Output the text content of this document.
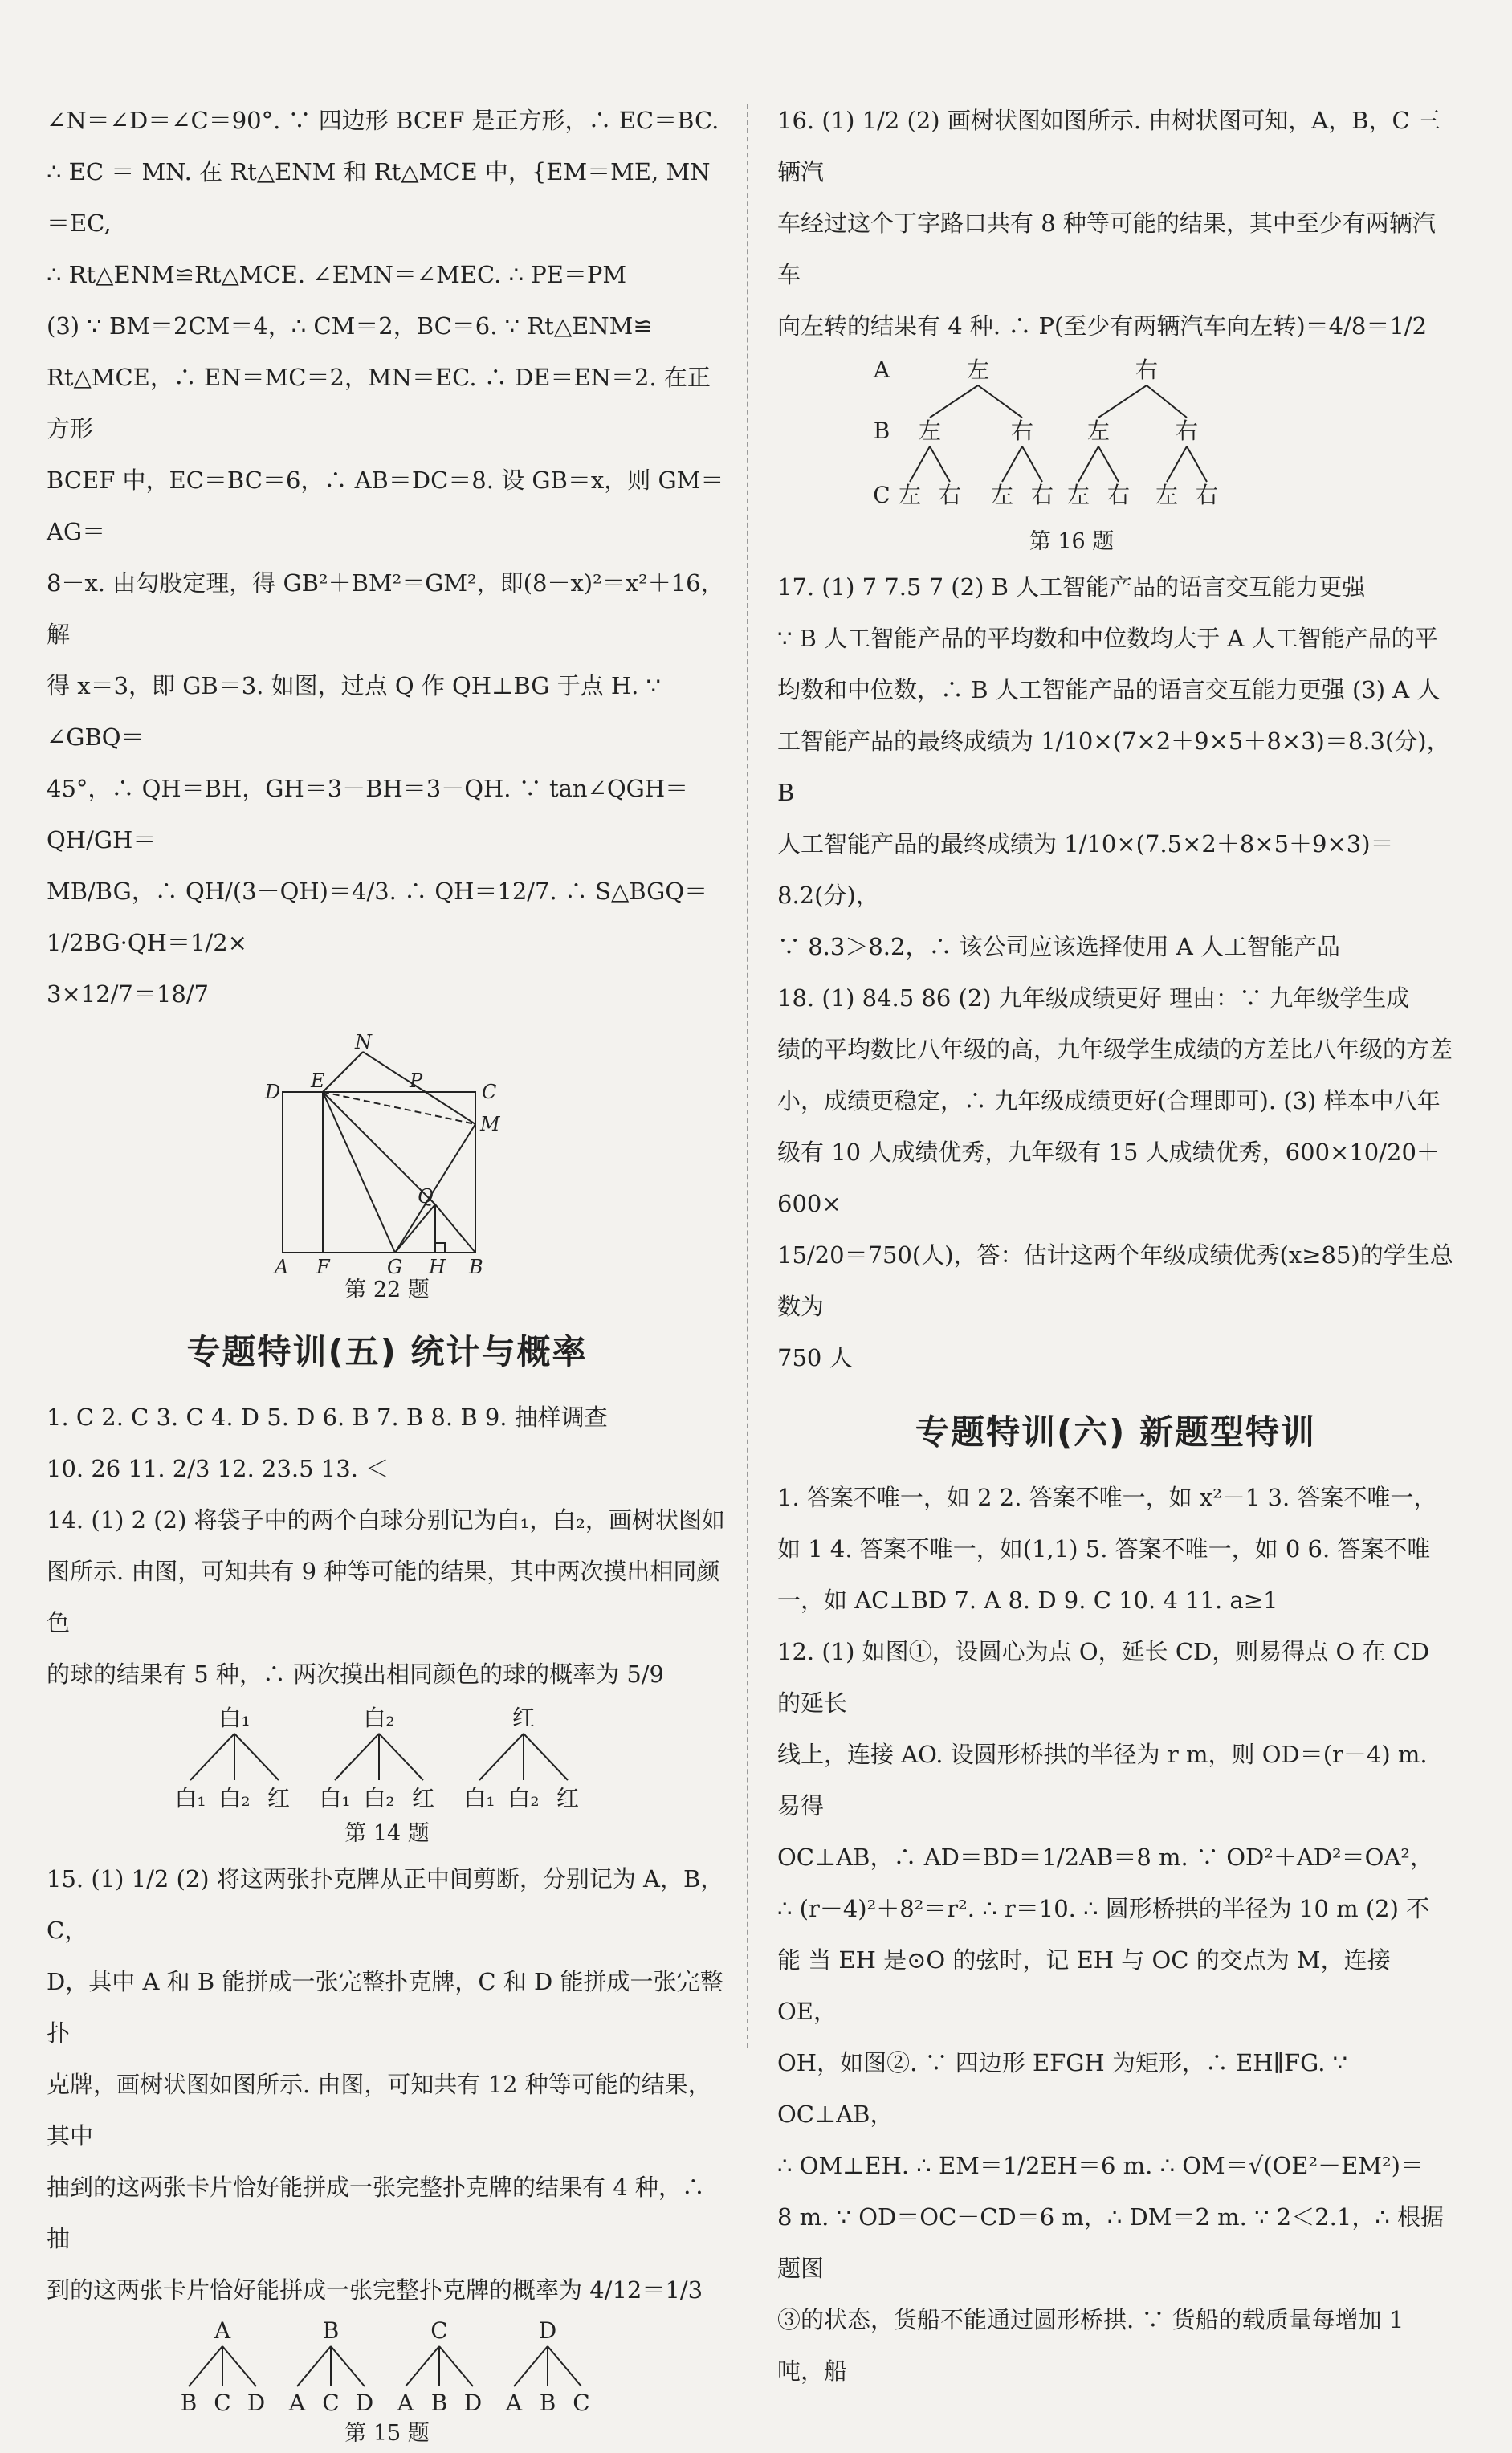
∠N＝∠D＝∠C＝90°. ∵ 四边形 BCEF 是正方形，∴ EC＝BC.

∴ EC ＝ MN. 在 Rt△ENM 和 Rt△MCE 中，{EM＝ME, MN＝EC,

∴ Rt△ENM≌Rt△MCE. ∠EMN＝∠MEC. ∴ PE＝PM

(3) ∵ BM＝2CM＝4，∴ CM＝2，BC＝6. ∵ Rt△ENM≌

Rt△MCE，∴ EN＝MC＝2，MN＝EC. ∴ DE＝EN＝2. 在正方形

BCEF 中，EC＝BC＝6，∴ AB＝DC＝8. 设 GB＝x，则 GM＝AG＝

8－x. 由勾股定理，得 GB²＋BM²＝GM²，即(8－x)²＝x²＋16，解

得 x＝3，即 GB＝3. 如图，过点 Q 作 QH⊥BG 于点 H. ∵ ∠GBQ＝

45°，∴ QH＝BH，GH＝3－BH＝3－QH. ∵ tan∠QGH＝QH/GH＝

MB/BG，∴ QH/(3－QH)＝4/3. ∴ QH＝12/7. ∴ S△BGQ＝1/2BG·QH＝1/2×

3×12/7＝18/7

N
D E	P	C
M
Q
A F	G H B
第 22 题
专题特训(五) 统计与概率

1. C 2. C 3. C 4. D 5. D 6. B 7. B 8. B 9. 抽样调查

10. 26 11. 2/3 12. 23.5 13. ＜

14. (1) 2 (2) 将袋子中的两个白球分别记为白₁，白₂，画树状图如

图所示. 由图，可知共有 9 种等可能的结果，其中两次摸出相同颜色

的球的结果有 5 种，∴ 两次摸出相同颜色的球的概率为 5/9

白₁
白₁ 白₂ 红
白₂
白₁ 白₂ 红
红
白₁ 白₂ 红
第 14 题

15. (1) 1/2 (2) 将这两张扑克牌从正中间剪断，分别记为 A，B，C，

D，其中 A 和 B 能拼成一张完整扑克牌，C 和 D 能拼成一张完整扑

克牌，画树状图如图所示. 由图，可知共有 12 种等可能的结果，其中

抽到的这两张卡片恰好能拼成一张完整扑克牌的结果有 4 种，∴ 抽

到的这两张卡片恰好能拼成一张完整扑克牌的概率为 4/12＝1/3

A
B C D
B
A C D
C
A B D
D
A B C
第 15 题

16. (1) 1/2 (2) 画树状图如图所示. 由树状图可知，A，B，C 三辆汽

车经过这个丁字路口共有 8 种等可能的结果，其中至少有两辆汽车

向左转的结果有 4 种. ∴ P(至少有两辆汽车向左转)＝4/8＝1/2

A
B
C
左	右
左	右 左	右
左 右 左 右 左 右 左 右
第 16 题

17. (1) 7 7.5 7 (2) B 人工智能产品的语言交互能力更强

∵ B 人工智能产品的平均数和中位数均大于 A 人工智能产品的平

均数和中位数，∴ B 人工智能产品的语言交互能力更强 (3) A 人

工智能产品的最终成绩为 1/10×(7×2＋9×5＋8×3)＝8.3(分)，B

人工智能产品的最终成绩为 1/10×(7.5×2＋8×5＋9×3)＝8.2(分)，

∵ 8.3＞8.2，∴ 该公司应该选择使用 A 人工智能产品

18. (1) 84.5 86 (2) 九年级成绩更好 理由：∵ 九年级学生成

绩的平均数比八年级的高，九年级学生成绩的方差比八年级的方差

小，成绩更稳定，∴ 九年级成绩更好(合理即可). (3) 样本中八年

级有 10 人成绩优秀，九年级有 15 人成绩优秀，600×10/20＋600×

15/20＝750(人)，答：估计这两个年级成绩优秀(x≥85)的学生总数为

750 人

专题特训(六) 新题型特训

1. 答案不唯一，如 2 2. 答案不唯一，如 x²－1 3. 答案不唯一，

如 1 4. 答案不唯一，如(1,1) 5. 答案不唯一，如 0 6. 答案不唯

一，如 AC⊥BD 7. A 8. D 9. C 10. 4 11. a≥1

12. (1) 如图①，设圆心为点 O，延长 CD，则易得点 O 在 CD 的延长

线上，连接 AO. 设圆形桥拱的半径为 r m，则 OD＝(r－4) m. 易得

OC⊥AB，∴ AD＝BD＝1/2AB＝8 m. ∵ OD²＋AD²＝OA²，

∴ (r－4)²＋8²＝r². ∴ r＝10. ∴ 圆形桥拱的半径为 10 m (2) 不

能 当 EH 是⊙O 的弦时，记 EH 与 OC 的交点为 M，连接 OE，

OH，如图②. ∵ 四边形 EFGH 为矩形，∴ EH∥FG. ∵ OC⊥AB，

∴ OM⊥EH. ∴ EM＝1/2EH＝6 m. ∴ OM＝√(OE²－EM²)＝

8 m. ∵ OD＝OC－CD＝6 m，∴ DM＝2 m. ∵ 2＜2.1，∴ 根据题图

③的状态，货船不能通过圆形桥拱. ∵ 货船的载质量每增加 1 吨，船
